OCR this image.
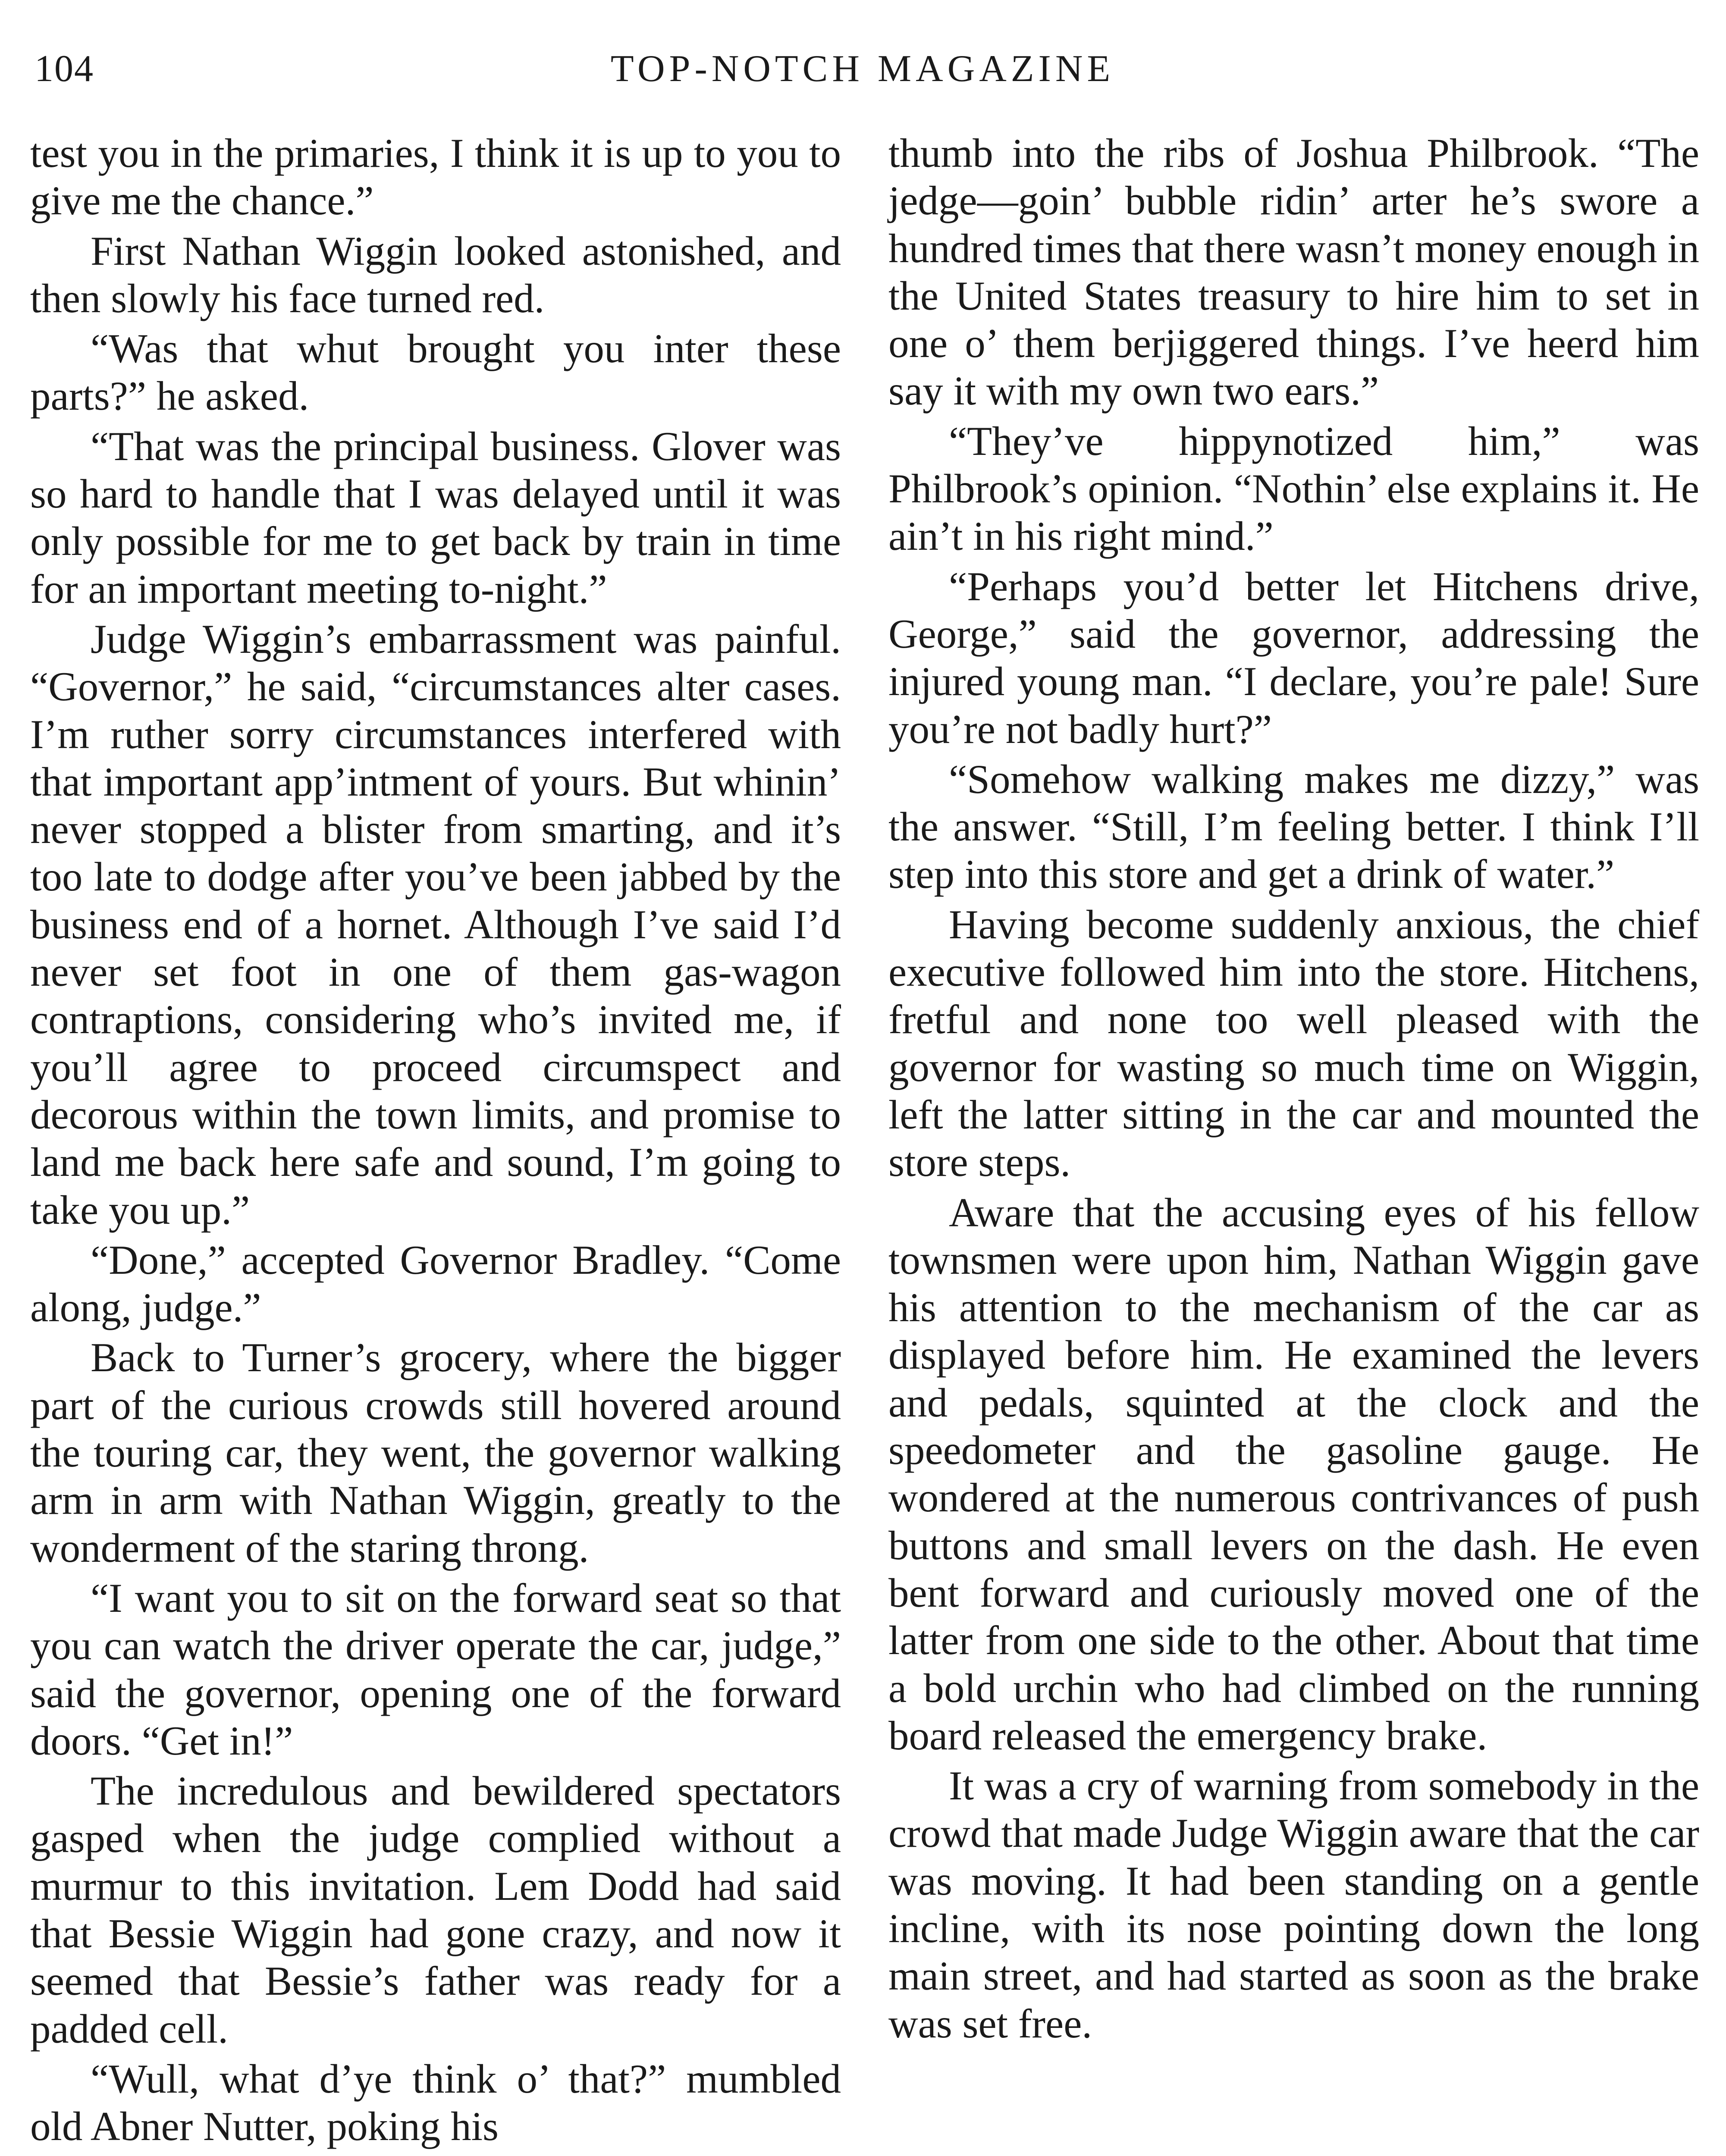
104	TOP-NOTCH MAGAZINE

test you in the primaries, I think it is up to you to give me the chance.”

First Nathan Wiggin looked astonished, and then slowly his face turned red.

“Was that whut brought you inter these parts?” he asked.

“That was the principal business. Glover was so hard to handle that I was delayed until it was only possible for me to get back by train in time for an important meeting to-night.”

Judge Wiggin’s embarrassment was painful. “Governor,” he said, “circumstances alter cases. I’m ruther sorry circumstances interfered with that important app’intment of yours. But whinin’ never stopped a blister from smarting, and it’s too late to dodge after you’ve been jabbed by the business end of a hornet. Although I’ve said I’d never set foot in one of them gas-wagon contraptions, considering who’s invited me, if you’ll agree to proceed circumspect and decorous within the town limits, and promise to land me back here safe and sound, I’m going to take you up.”

“Done,” accepted Governor Bradley. “Come along, judge.”

Back to Turner’s grocery, where the bigger part of the curious crowds still hovered around the touring car, they went, the governor walking arm in arm with Nathan Wiggin, greatly to the wonderment of the staring throng.

“I want you to sit on the forward seat so that you can watch the driver operate the car, judge,” said the governor, opening one of the forward doors. “Get in!”

The incredulous and bewildered spectators gasped when the judge complied without a murmur to this invitation. Lem Dodd had said that Bessie Wiggin had gone crazy, and now it seemed that Bessie’s father was ready for a padded cell.

“Wull, what d’ye think o’ that?” mumbled old Abner Nutter, poking his

thumb into the ribs of Joshua Philbrook. “The jedge—goin’ bubble ridin’ arter he’s swore a hundred times that there wasn’t money enough in the United States treasury to hire him to set in one o’ them berjiggered things. I’ve heerd him say it with my own two ears.”

“They’ve hippynotized him,” was Philbrook’s opinion. “Nothin’ else explains it. He ain’t in his right mind.”

“Perhaps you’d better let Hitchens drive, George,” said the governor, addressing the injured young man. “I declare, you’re pale! Sure you’re not badly hurt?”

“Somehow walking makes me dizzy,” was the answer. “Still, I’m feeling better. I think I’ll step into this store and get a drink of water.”

Having become suddenly anxious, the chief executive followed him into the store. Hitchens, fretful and none too well pleased with the governor for wasting so much time on Wiggin, left the latter sitting in the car and mounted the store steps.

Aware that the accusing eyes of his fellow townsmen were upon him, Nathan Wiggin gave his attention to the mechanism of the car as displayed before him. He examined the levers and pedals, squinted at the clock and the speedometer and the gasoline gauge. He wondered at the numerous contrivances of push buttons and small levers on the dash. He even bent forward and curiously moved one of the latter from one side to the other. About that time a bold urchin who had climbed on the running board released the emergency brake.

It was a cry of warning from somebody in the crowd that made Judge Wiggin aware that the car was moving. It had been standing on a gentle incline, with its nose pointing down the long main street, and had started as soon as the brake was set free.
